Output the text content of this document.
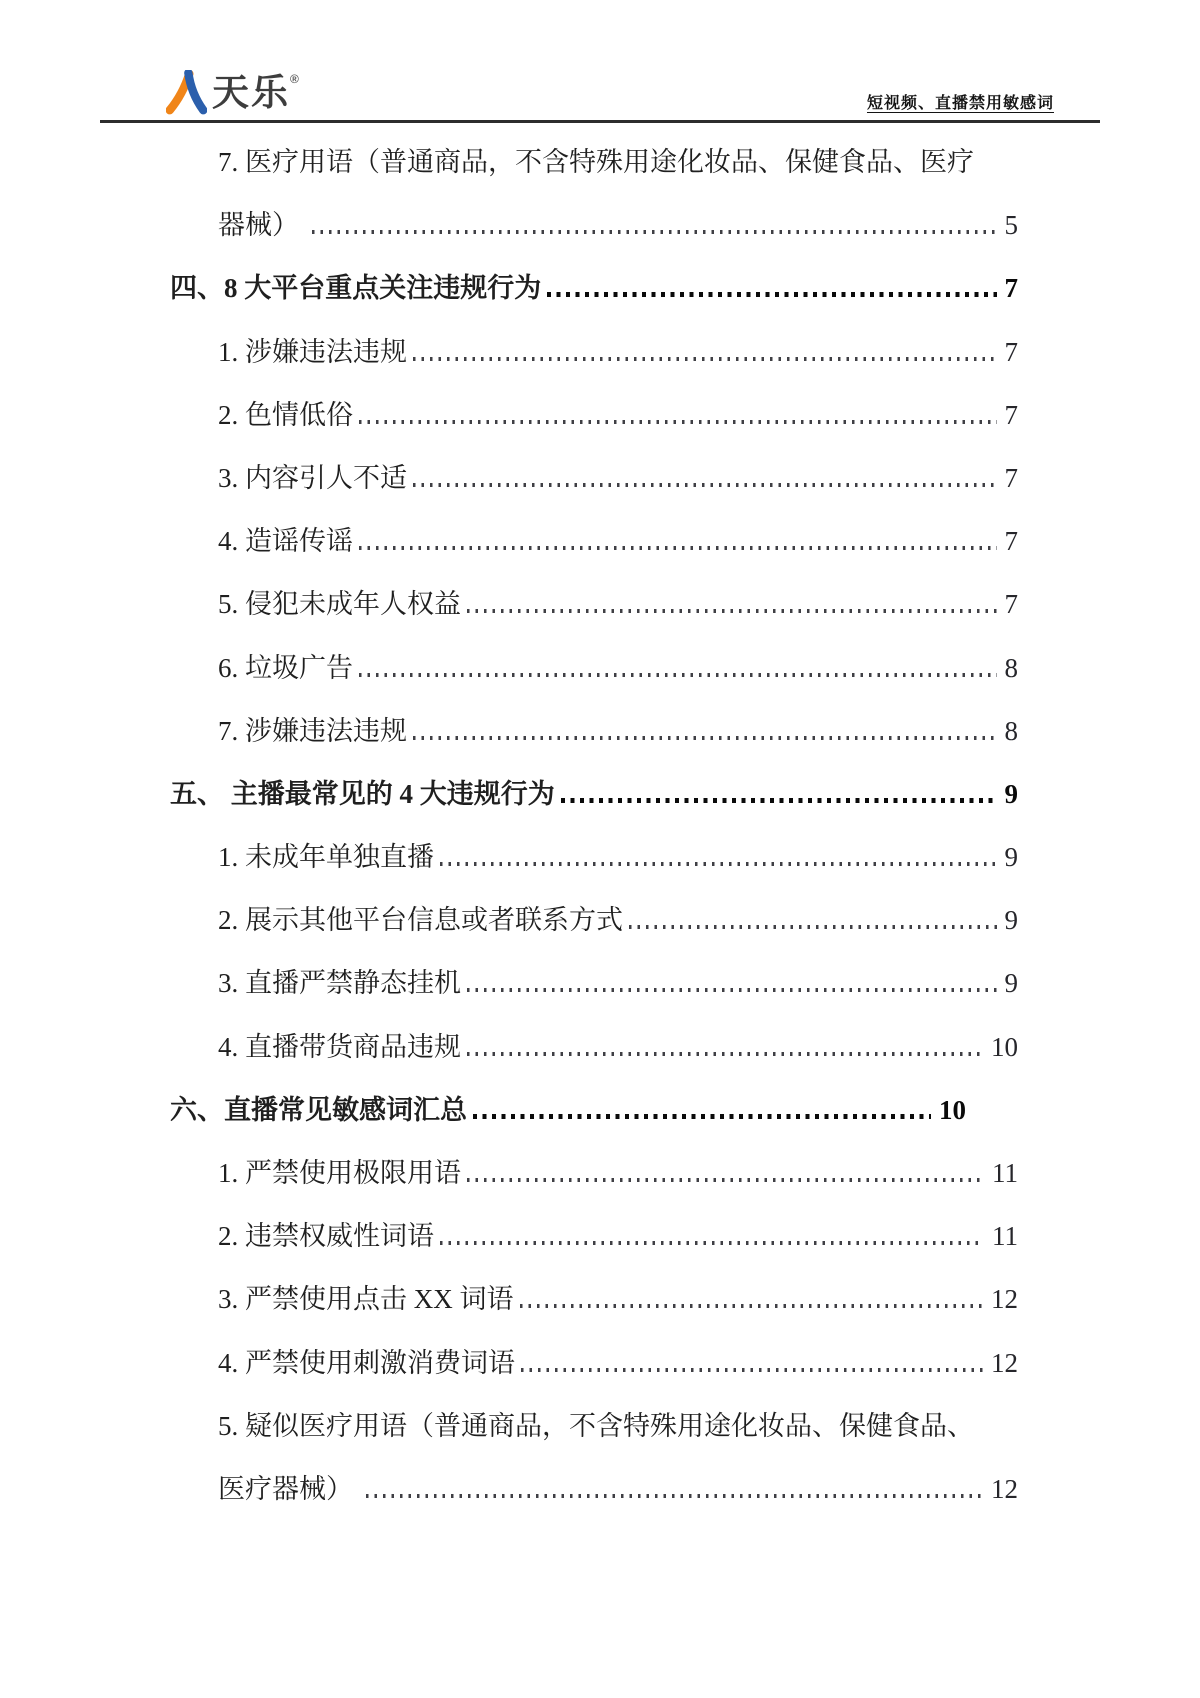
天乐 ®
短视频、直播禁用敏感词
7. 医疗用语（普通商品，不含特殊用途化妆品、保健食品、医疗
器械）	5
四、8 大平台重点关注违规行为	7
1. 涉嫌违法违规	7
2. 色情低俗	7
3. 内容引人不适	7
4. 造谣传谣	7
5. 侵犯未成年人权益	7
6. 垃圾广告	8
7. 涉嫌违法违规	8
五、 主播最常见的 4 大违规行为	9
1. 未成年单独直播	9
2. 展示其他平台信息或者联系方式	9
3. 直播严禁静态挂机	9
4. 直播带货商品违规	10
六、直播常见敏感词汇总	10
1. 严禁使用极限用语	11
2. 违禁权威性词语	11
3. 严禁使用点击 XX 词语	12
4. 严禁使用刺激消费词语	12
5. 疑似医疗用语（普通商品，不含特殊用途化妆品、保健食品、
医疗器械）	12
